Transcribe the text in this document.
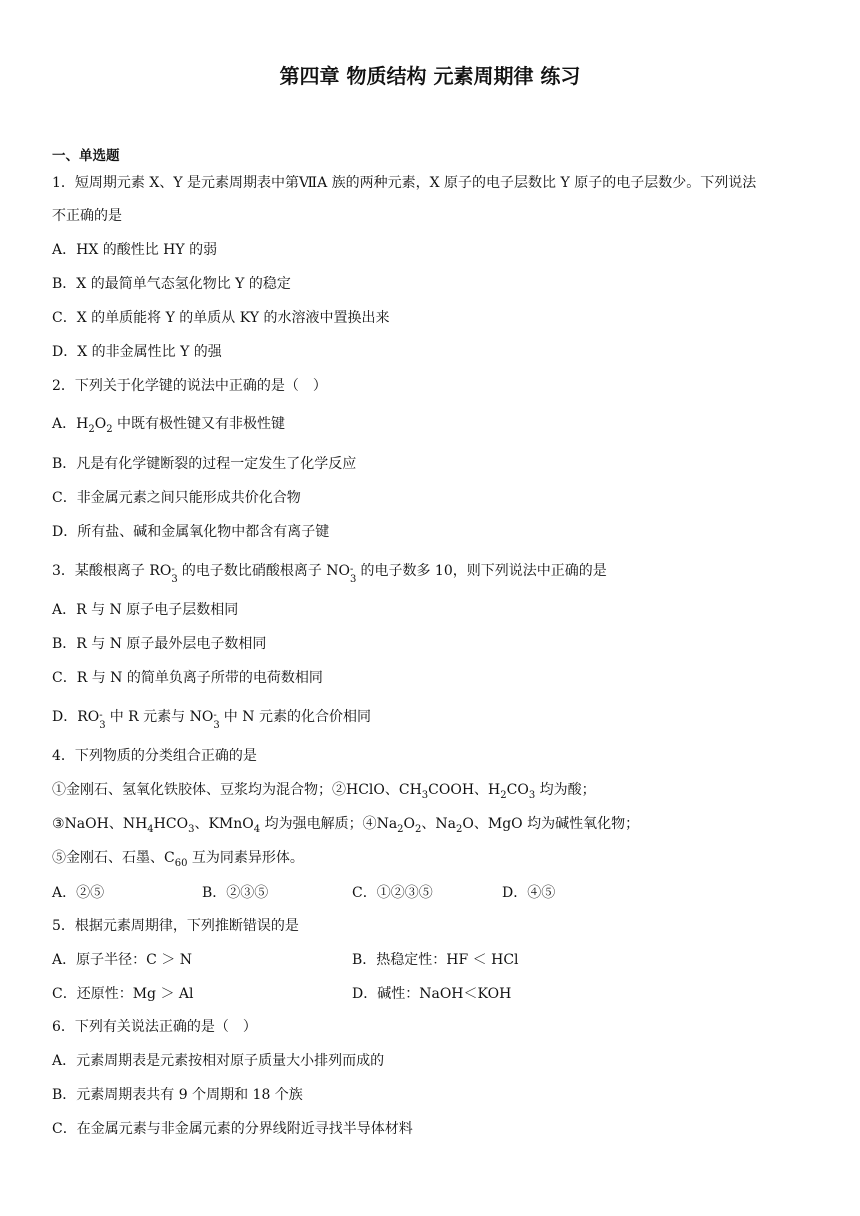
第四章 物质结构 元素周期律 练习
一、单选题
1．短周期元素 X、Y 是元素周期表中第ⅦA 族的两种元素，X 原子的电子层数比 Y 原子的电子层数少。下列说法
不正确的是
A．HX 的酸性比 HY 的弱
B．X 的最简单气态氢化物比 Y 的稳定
C．X 的单质能将 Y 的单质从 KY 的水溶液中置换出来
D．X 的非金属性比 Y 的强
2．下列关于化学键的说法中正确的是（　）
A．$H_2O_2$ 中既有极性键又有非极性键
B．凡是有化学键断裂的过程一定发生了化学反应
C．非金属元素之间只能形成共价化合物
D．所有盐、碱和金属氧化物中都含有离子键
3．某酸根离子 RO -
3
的电子数比硝酸根离子 NO -
3
的电子数多 10，则下列说法中正确的是
A．R 与 N 原子电子层数相同
B．R 与 N 原子最外层电子数相同
C．R 与 N 的简单负离子所带的电荷数相同
D．RO -
3
中 R 元素与 NO -
3
中 N 元素的化合价相同
4．下列物质的分类组合正确的是
①金刚石、氢氧化铁胶体、豆浆均为混合物；②HClO、$CH_3COOH$、$H_2CO_3$ 均为酸；
③NaOH、$NH_4HCO_3$、KMnO$_4$ 均为强电解质；$④Na_2O_2$、$Na_2O$、MgO 均为碱性氧化物；
⑤金刚石、石墨、$C_{60}$ 互为同素异形体。
A．②⑤	B．②③⑤	C．①②③⑤	D．④⑤
5．根据元素周期律，下列推断错误的是
A．原子半径：C ＞ N	B．热稳定性：HF ＜ HCl
C．还原性：Mg ＞ Al	D．碱性：NaOH＜KOH
6．下列有关说法正确的是（　）
A．元素周期表是元素按相对原子质量大小排列而成的
B．元素周期表共有 9 个周期和 18 个族
C．在金属元素与非金属元素的分界线附近寻找半导体材料
